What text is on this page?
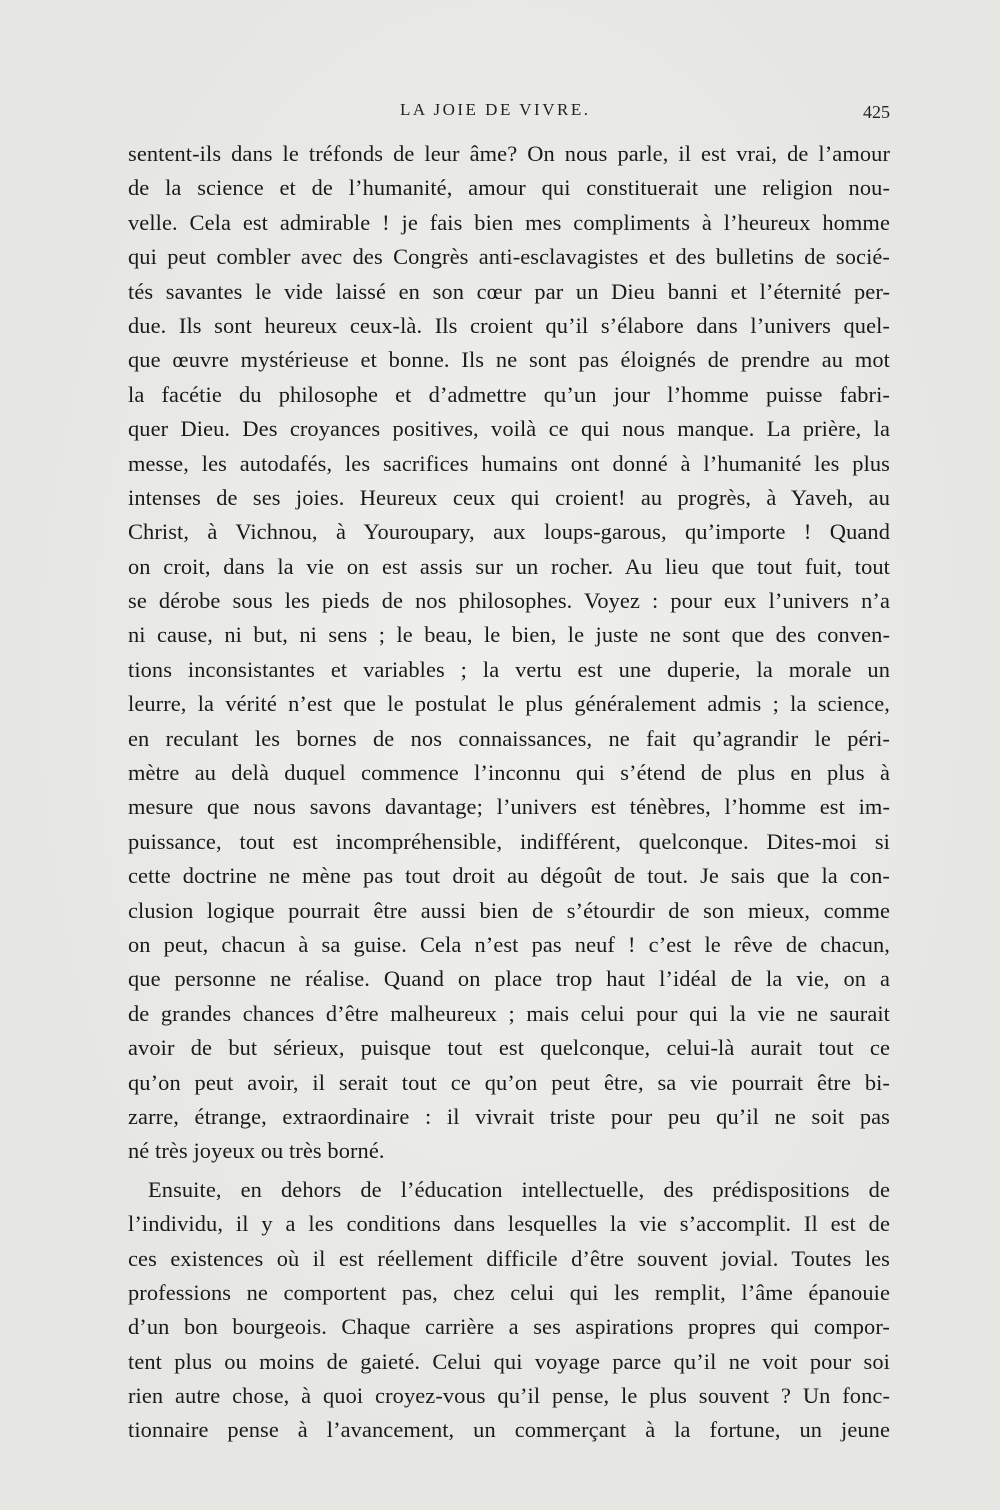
LA JOIE DE VIVRE.	425
sentent-ils dans le tréfonds de leur âme? On nous parle, il est vrai, de l’amour
de la science et de l’humanité, amour qui constituerait une religion nou-
velle. Cela est admirable ! je fais bien mes compliments à l’heureux homme
qui peut combler avec des Congrès anti-esclavagistes et des bulletins de socié-
tés savantes le vide laissé en son cœur par un Dieu banni et l’éternité per-
due. Ils sont heureux ceux-là. Ils croient qu’il s’élabore dans l’univers quel-
que œuvre mystérieuse et bonne. Ils ne sont pas éloignés de prendre au mot
la facétie du philosophe et d’admettre qu’un jour l’homme puisse fabri-
quer Dieu. Des croyances positives, voilà ce qui nous manque. La prière, la
messe, les autodafés, les sacrifices humains ont donné à l’humanité les plus
intenses de ses joies. Heureux ceux qui croient! au progrès, à Yaveh, au
Christ, à Vichnou, à Youroupary, aux loups-garous, qu’importe ! Quand
on croit, dans la vie on est assis sur un rocher. Au lieu que tout fuit, tout
se dérobe sous les pieds de nos philosophes. Voyez : pour eux l’univers n’a
ni cause, ni but, ni sens ; le beau, le bien, le juste ne sont que des conven-
tions inconsistantes et variables ; la vertu est une duperie, la morale un
leurre, la vérité n’est que le postulat le plus généralement admis ; la science,
en reculant les bornes de nos connaissances, ne fait qu’agrandir le péri-
mètre au delà duquel commence l’inconnu qui s’étend de plus en plus à
mesure que nous savons davantage; l’univers est ténèbres, l’homme est im-
puissance, tout est incompréhensible, indifférent, quelconque. Dites-moi si
cette doctrine ne mène pas tout droit au dégoût de tout. Je sais que la con-
clusion logique pourrait être aussi bien de s’étourdir de son mieux, comme
on peut, chacun à sa guise. Cela n’est pas neuf ! c’est le rêve de chacun,
que personne ne réalise. Quand on place trop haut l’idéal de la vie, on a
de grandes chances d’être malheureux ; mais celui pour qui la vie ne saurait
avoir de but sérieux, puisque tout est quelconque, celui-là aurait tout ce
qu’on peut avoir, il serait tout ce qu’on peut être, sa vie pourrait être bi-
zarre, étrange, extraordinaire : il vivrait triste pour peu qu’il ne soit pas
né très joyeux ou très borné.
Ensuite, en dehors de l’éducation intellectuelle, des prédispositions de
l’individu, il y a les conditions dans lesquelles la vie s’accomplit. Il est de
ces existences où il est réellement difficile d’être souvent jovial. Toutes les
professions ne comportent pas, chez celui qui les remplit, l’âme épanouie
d’un bon bourgeois. Chaque carrière a ses aspirations propres qui compor-
tent plus ou moins de gaieté. Celui qui voyage parce qu’il ne voit pour soi
rien autre chose, à quoi croyez-vous qu’il pense, le plus souvent ? Un fonc-
tionnaire pense à l’avancement, un commerçant à la fortune, un jeune
